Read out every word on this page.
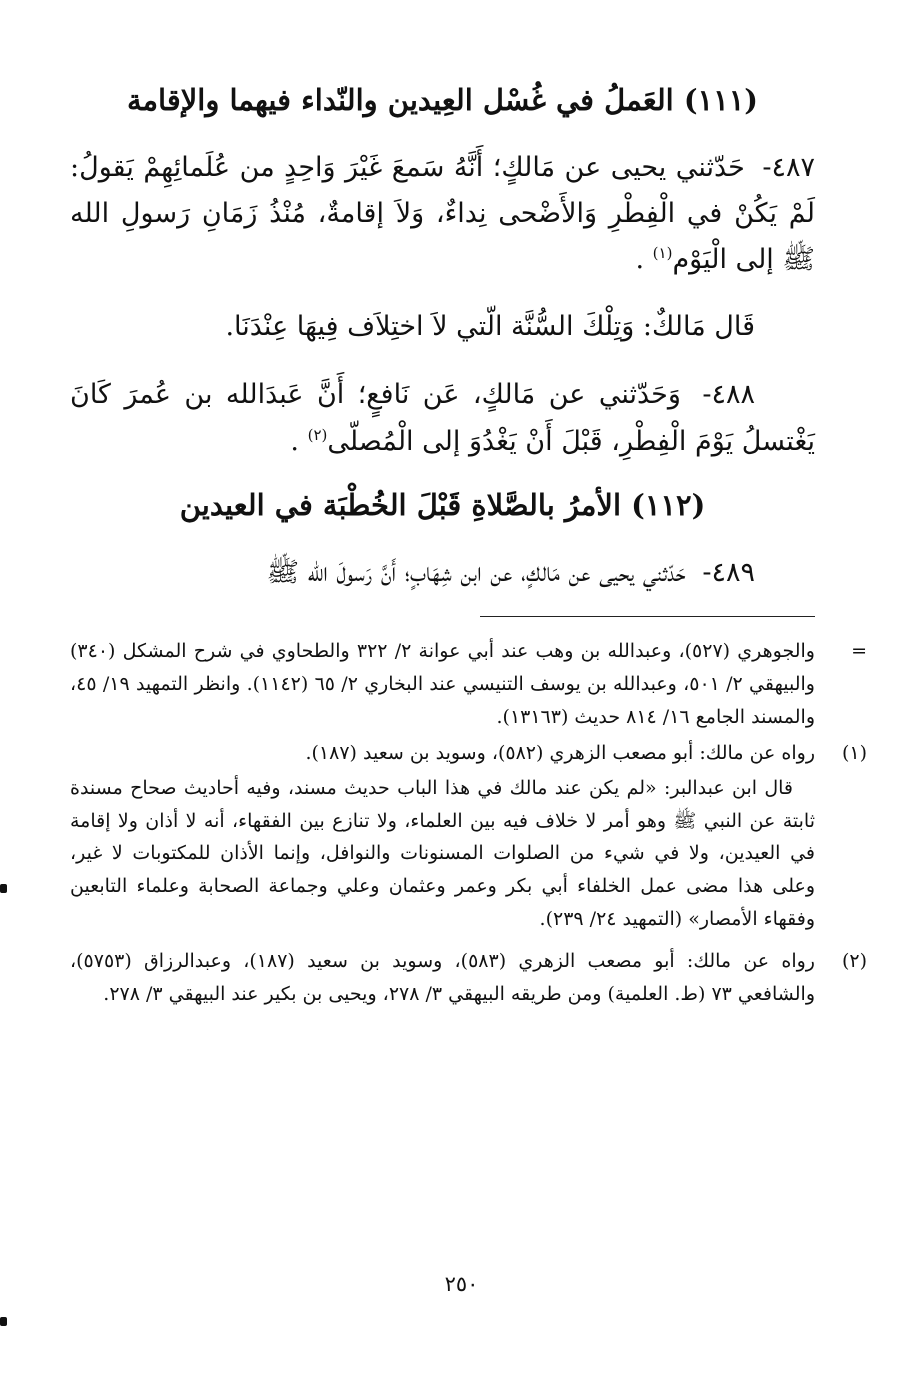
(١١١) العَملُ في غُسْل العِيدين والنّداء فيهما والإقامة

٤٨٧- حَدّثني يحيى عن مَالكٍ؛ أَنَّهُ سَمعَ غَيْرَ وَاحِدٍ من عُلَمائِهِمْ يَقولُ: لَمْ يَكُنْ في الْفِطْرِ وَالأَضْحى نِداءٌ، وَلاَ إقامةٌ، مُنْذُ زَمَانِ رَسولِ الله ﷺ إلى الْيَوْم$^{(١)}$ .

قَال مَالكٌ: وَتِلْكَ السُّنَّة الّتي لاَ اختِلاَف فِيهَا عِنْدَنَا.

٤٨٨- وَحَدّثني عن مَالكٍ، عَن نَافعٍ؛ أَنَّ عَبدَالله بن عُمرَ كَانَ يَغْتسلُ يَوْمَ الْفِطْرِ، قَبْلَ أَنْ يَغْدُوَ إلى الْمُصلّى$^{(٢)}$ .

(١١٢) الأمرُ بالصَّلاةِ قَبْلَ الخُطْبَة في العيدين

٤٨٩- حَدّثني يحيى عن مَالكٍ، عن ابن شِهَابٍ؛ أَنَّ رَسولَ الله ﷺ

=
والجوهري (٥٢٧)، وعبدالله بن وهب عند أبي عوانة ٢/ ٣٢٢ والطحاوي في شرح المشكل (٣٤٠) والبيهقي ٢/ ٥٠١، وعبدالله بن يوسف التنيسي عند البخاري ٢/ ٦٥ (١١٤٢). وانظر التمهيد ١٩/ ٤٥، والمسند الجامع ١٦/ ٨١٤ حديث (١٣١٦٣).

(١)
رواه عن مالك: أبو مصعب الزهري (٥٨٢)، وسويد بن سعيد (١٨٧).
قال ابن عبدالبر: «لم يكن عند مالك في هذا الباب حديث مسند، وفيه أحاديث صحاح مسندة ثابتة عن النبي ﷺ وهو أمر لا خلاف فيه بين العلماء، ولا تنازع بين الفقهاء، أنه لا أذان ولا إقامة في العيدين، ولا في شيء من الصلوات المسنونات والنوافل، وإنما الأذان للمكتوبات لا غير، وعلى هذا مضى عمل الخلفاء أبي بكر وعمر وعثمان وعلي وجماعة الصحابة وعلماء التابعين وفقهاء الأمصار» (التمهيد ٢٤/ ٢٣٩).
(٢)
رواه عن مالك: أبو مصعب الزهري (٥٨٣)، وسويد بن سعيد (١٨٧)، وعبدالرزاق (٥٧٥٣)، والشافعي ٧٣ (ط. العلمية) ومن طريقه البيهقي ٣/ ٢٧٨، ويحيى بن بكير عند البيهقي ٣/ ٢٧٨.
٢٥٠
